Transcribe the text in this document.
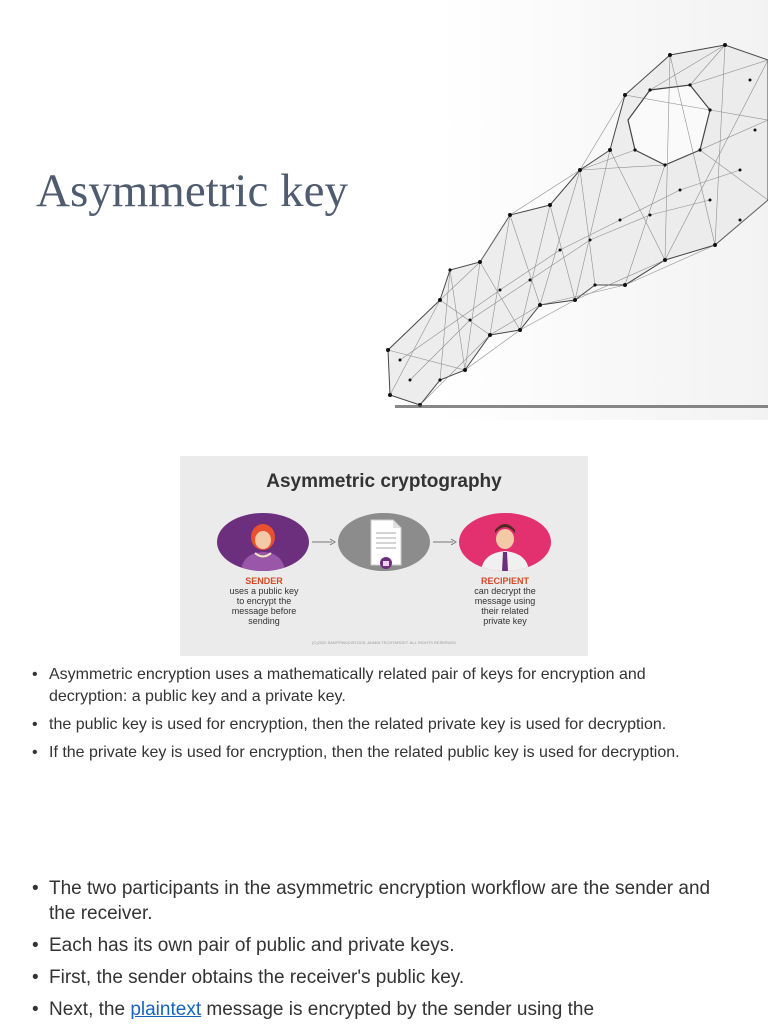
Asymmetric key
Asymmetric cryptography
SENDER
uses a public key
to encrypt the
message before
sending
RECIPIENT
can decrypt the
message using
their related
private key
(C)2020 SANITPAKZ/ISTOCK; ADMIN TECHTARGET. ALL RIGHTS RESERVED
• Asymmetric encryption uses a mathematically related pair of keys for encryption and decryption: a public key and a private key.
• the public key is used for encryption, then the related private key is used for decryption.
• If the private key is used for encryption, then the related public key is used for decryption.
• The two participants in the asymmetric encryption workflow are the sender and the receiver.
• Each has its own pair of public and private keys.
• First, the sender obtains the receiver's public key.
• Next, the plaintext message is encrypted by the sender using the
